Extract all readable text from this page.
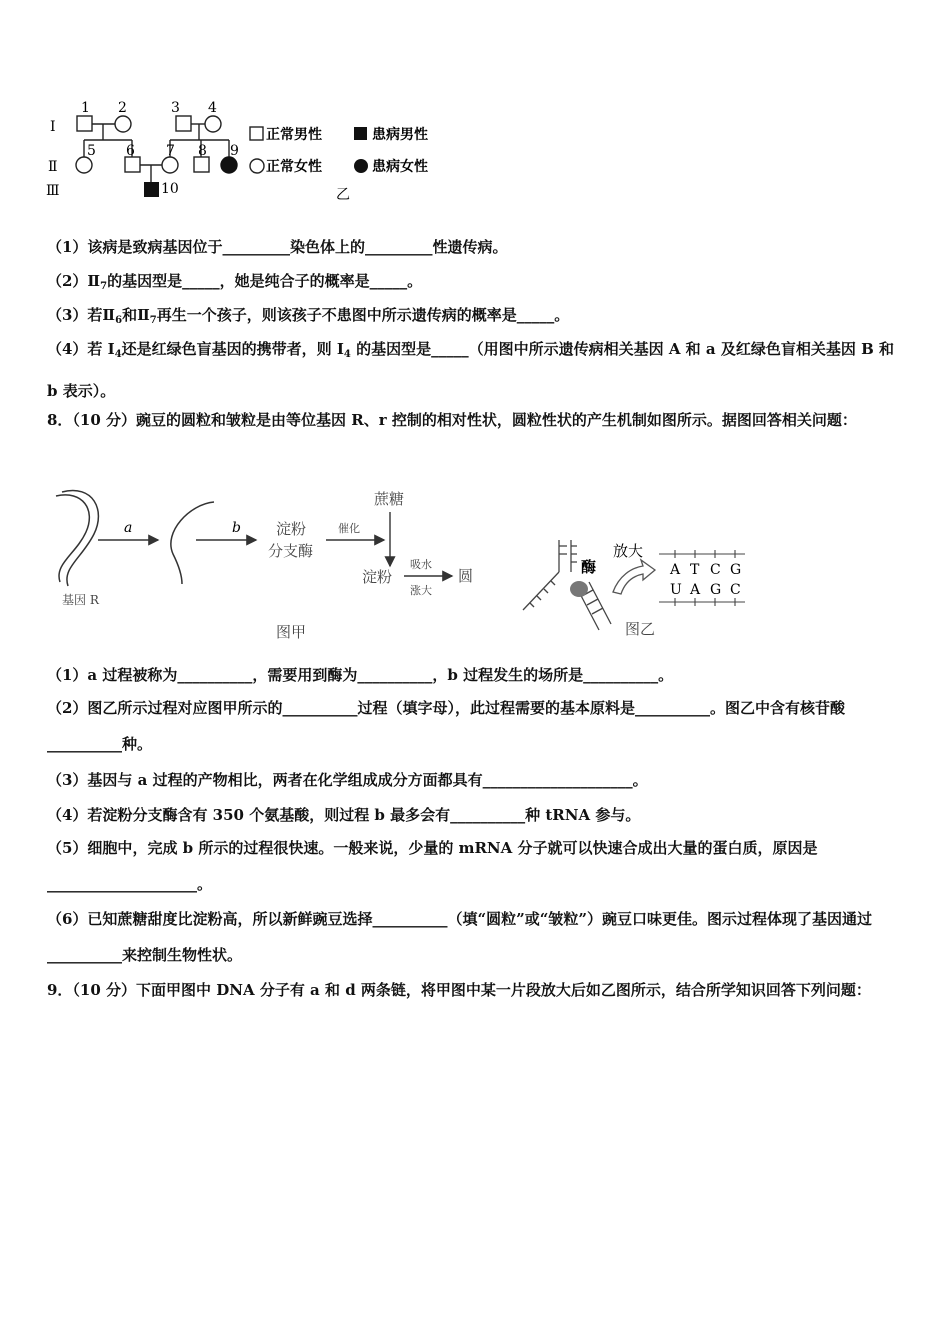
Ⅰ
Ⅱ
Ⅲ
1 2	3 4
5 6 7 8 9
10
正常男性	患病男性
正常女性	患病女性
乙
（1）该病是致病基因位于_________染色体上的_________性遗传病。
$(2)Ⅱ_7$的基因型是_____，她是纯合子的概率是_____。
（3）若$Ⅱ_6$和$Ⅱ_7$再生一个孩子，则该孩子不患图中所示遗传病的概率是_____。
（4）若 $I_4$还是红绿色盲基因的携带者，则 $I_4$ 的基因型是_____（用图中所示遗传病相关基因 A 和 a 及红绿色盲相关基因 B 和 b 表示）。
8．（10 分）豌豆的圆粒和皱粒是由等位基因 R、r 控制的相对性状，圆粒性状的产生机制如图所示。据图回答相关问题：
基因 R
a	b 淀粉
分支酶
催化
蔗糖
淀粉
吸水
涨大
圆
图甲
酶
放大
A T C G
U A G C
图乙
（1）a 过程被称为__________，需要用到酶为__________，b 过程发生的场所是__________。
（2）图乙所示过程对应图甲所示的__________过程（填字母），此过程需要的基本原料是__________。图乙中含有核苷酸__________种。
（3）基因与 a 过程的产物相比，两者在化学组成成分方面都具有____________________。
（4）若淀粉分支酶含有 350 个氨基酸，则过程 b 最多会有__________种 tRNA 参与。
（5）细胞中，完成 b 所示的过程很快速。一般来说，少量的 mRNA 分子就可以快速合成出大量的蛋白质，原因是____________________。
（6）已知蔗糖甜度比淀粉高，所以新鲜豌豆选择__________（填“圆粒”或“皱粒”）豌豆口味更佳。图示过程体现了基因通过__________来控制生物性状。
9．（10 分）下面甲图中 DNA 分子有 a 和 d 两条链，将甲图中某一片段放大后如乙图所示，结合所学知识回答下列问题：
